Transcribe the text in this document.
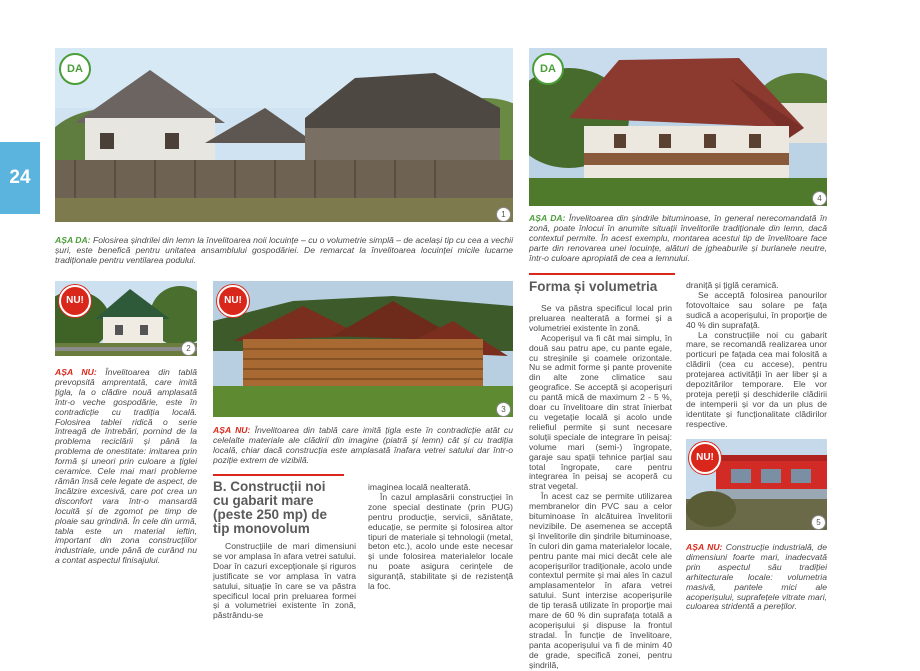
24
DA
1
DA
4
AȘA DA: Folosirea șindrilei din lemn la învelitoarea noii locuințe – cu o volumetrie simplă – de același tip cu cea a vechii șuri, este benefică pentru unitatea ansamblului gospodăriei. De remarcat la învelitoarea locuinței micile lucarne tradiționale pentru ventilarea podului.
AȘA DA: Învelitoarea din șindrile bituminoase, în general nerecomandată în zonă, poate înlocui în anumite situații învelitorile tradiționale din lemn, dacă contextul permite. În acest exemplu, montarea acestui tip de învelitoare face parte din renovarea unei locuințe, alături de jgheaburile și burlanele neutre, într-o culoare apropiată de cea a lemnului.
NU!
2
AȘA NU: Învelitoarea din tablă prevopsită amprentată, care imită țigla, la o clădire nouă amplasată într-o veche gospodărie, este în contradicție cu tradiția locală. Folosirea tablei ridică o serie întreagă de întrebări, pornind de la problema reciclării și până la problema de onestitate: imitarea prin formă și uneori prin culoare a țiglei ceramice. Cele mai mari probleme rămân însă cele legate de aspect, de încălzire excesivă, care pot crea un disconfort vara într-o mansardă locuită și de zgomot pe timp de ploaie sau grindină. În cele din urmă, tabla este un material ieftin, important din zona construcțiilor industriale, unde până de curând nu a contat aspectul finisajului.
NU!
3
AȘA NU: Învelitoarea din tablă care imită țigla este în contradicție atât cu celelalte materiale ale clădirii din imagine (piatră și lemn) cât și cu tradiția locală, chiar dacă construcția este amplasată înafara vetrei satului dar într-o poziție extrem de vizibilă.
B. Construcții noi cu gabarit mare (peste 250 mp) de tip monovolum

Construcțiile de mari dimensiuni se vor amplasa în afara vetrei satului. Doar în cazuri excepționale și riguros justificate se vor amplasa în vatra satului, situație în care se va păstra specificul local prin preluarea formei și a volumetriei existente în zonă, păstrându-se

imaginea locală nealterată.

În cazul amplasării construcției în zone special destinate (prin PUG) pentru producție, servicii, sănătate, educație, se permite și folosirea altor tipuri de materiale și tehnologii (metal, beton etc.), acolo unde este necesar și unde folosirea materialelor locale nu poate asigura cerințele de siguranță, stabilitate și de rezistență la foc.

Forma și volumetria

Se va păstra specificul local prin preluarea nealterată a formei și a volumetriei existente în zonă.

Acoperișul va fi cât mai simplu, în două sau patru ape, cu pante egale, cu streșinile și coamele orizontale. Nu se admit forme și pante provenite din alte zone climatice sau geografice. Se acceptă și acoperișuri cu pantă mică de maximum 2 - 5 %, doar cu învelitoare din strat înierbat cu vegetație locală și acolo unde reliefiul permite și sunt necesare soluții speciale de integrare în peisaj: volume mari (semi-) îngropate, garaje sau spații tehnice parțial sau total îngropate, care pentru integrarea în peisaj se acoperă cu strat vegetal.

În acest caz se permite utilizarea membranelor din PVC sau a celor bituminoase în alcătuirea învelitorii nevizibile. De asemenea se acceptă și învelitorile din șindrile bituminoase, în culori din gama materialelor locale, pentru pante mai mici decât cele ale acoperișurilor tradiționale, acolo unde contextul permite și mai ales în cazul amplasamentelor în afara vetrei satului. Sunt interzise acoperișurile de tip terasă utilizate în proporție mai mare de 60 % din suprafața totală a acoperișului și dispuse la frontul stradal. În funcție de învelitoare, panta acoperișului va fi de minim 40 de grade, specifică zonei, pentru șindrilă,

draniță și țiglă ceramică.

Se acceptă folosirea panourilor fotovoltaice sau solare pe fața sudică a acoperișului, în proporție de 40 % din suprafață.

La construcțiile noi cu gabarit mare, se recomandă realizarea unor porticuri pe fațada cea mai folosită a clădirii (cea cu accese), pentru protejarea activității în aer liber și a depozitărilor temporare. Ele vor proteja pereții și deschiderile clădirii de intemperii și vor da un plus de identitate și funcționalitate clădirilor respective.

NU!
5
AȘA NU: Construcție industrială, de dimensiuni foarte mari, inadecvată prin aspectul său tradiției arhitecturale locale: volumetria masivă, pantele mici ale acoperișului, suprafețele vitrate mari, culoarea stridentă a pereților.
